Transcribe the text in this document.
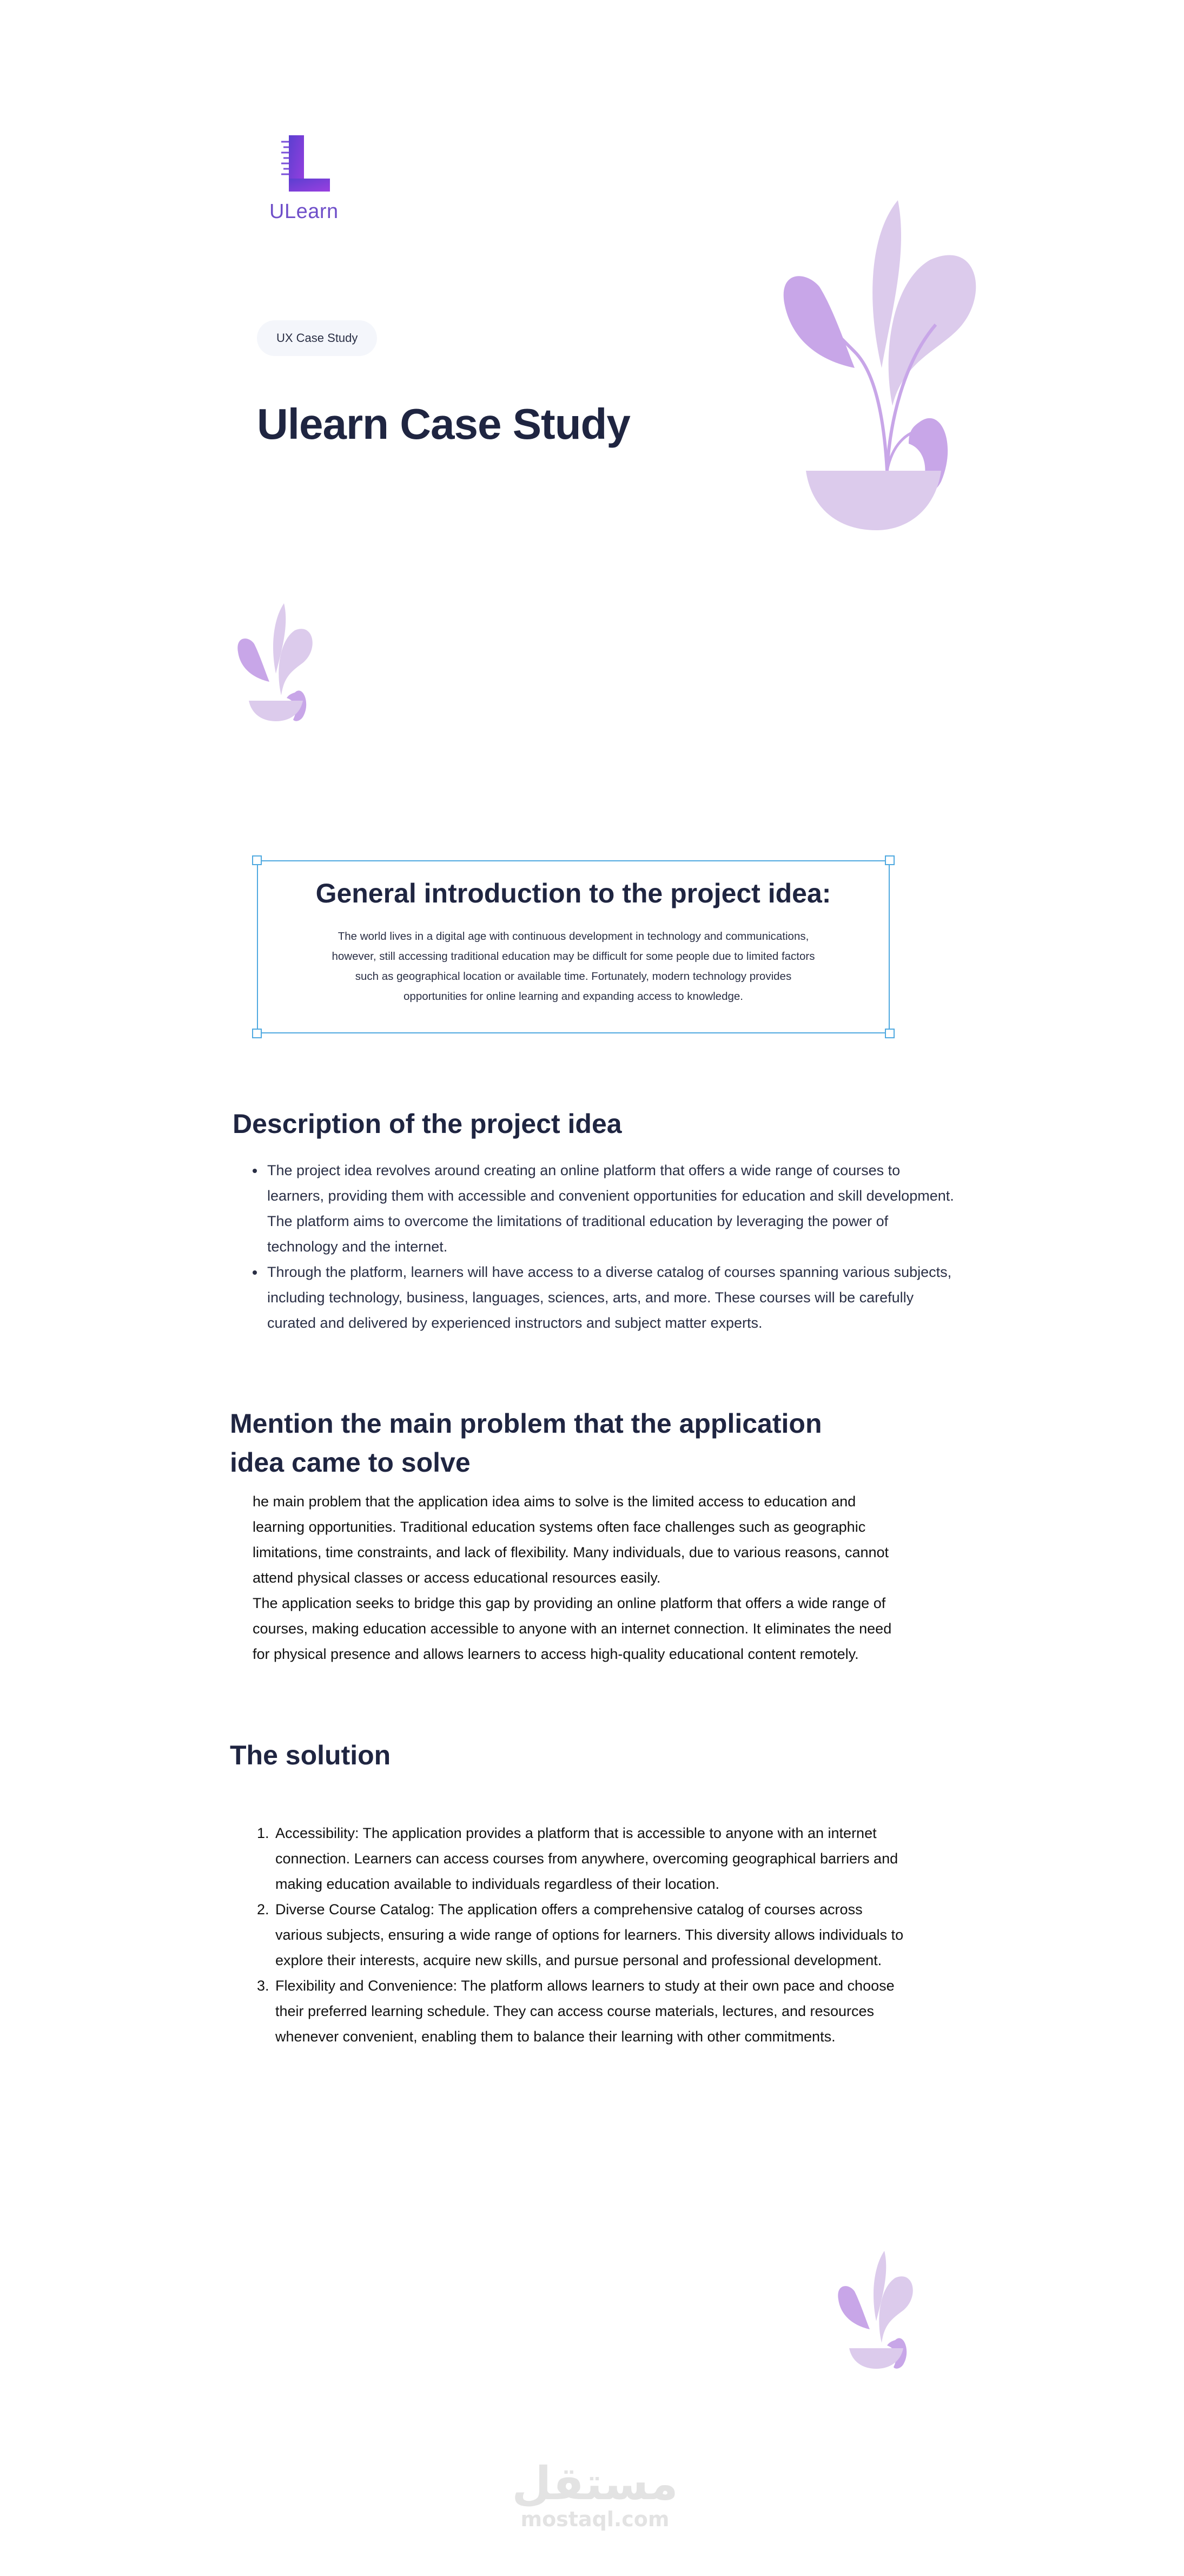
ULearn
UX Case Study
Ulearn Case Study
General introduction to the project idea:

The world lives in a digital age with continuous development in technology and communications, however, still accessing traditional education may be difficult for some people due to limited factors such as geographical location or available time. Fortunately, modern technology provides opportunities for online learning and expanding access to knowledge.

Description of the project idea
• The project idea revolves around creating an online platform that offers a wide range of courses to learners, providing them with accessible and convenient opportunities for education and skill development. The platform aims to overcome the limitations of traditional education by leveraging the power of technology and the internet.
• Through the platform, learners will have access to a diverse catalog of courses spanning various subjects, including technology, business, languages, sciences, arts, and more. These courses will be carefully curated and delivered by experienced instructors and subject matter experts.
Mention the main problem that the application idea came to solve
he main problem that the application idea aims to solve is the limited access to education and learning opportunities. Traditional education systems often face challenges such as geographic limitations, time constraints, and lack of flexibility. Many individuals, due to various reasons, cannot attend physical classes or access educational resources easily.
The application seeks to bridge this gap by providing an online platform that offers a wide range of courses, making education accessible to anyone with an internet connection. It eliminates the need for physical presence and allows learners to access high-quality educational content remotely.
The solution
1. Accessibility: The application provides a platform that is accessible to anyone with an internet connection. Learners can access courses from anywhere, overcoming geographical barriers and making education available to individuals regardless of their location.
2. Diverse Course Catalog: The application offers a comprehensive catalog of courses across various subjects, ensuring a wide range of options for learners. This diversity allows individuals to explore their interests, acquire new skills, and pursue personal and professional development.
3. Flexibility and Convenience: The platform allows learners to study at their own pace and choose their preferred learning schedule. They can access course materials, lectures, and resources whenever convenient, enabling them to balance their learning with other commitments.
مستقل
mostaql.com
